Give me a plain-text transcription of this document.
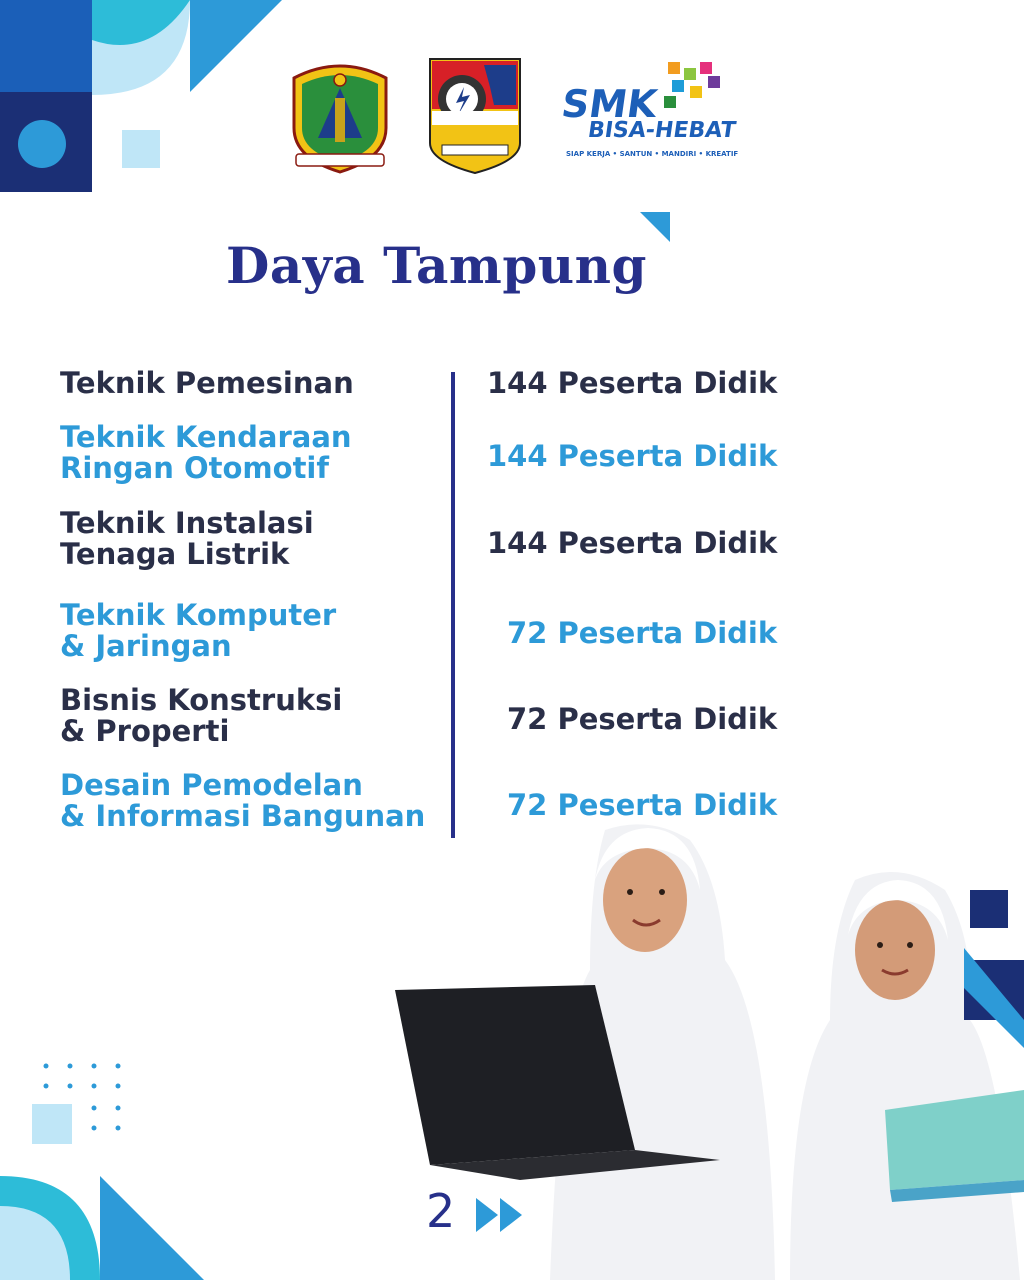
SMK
BISA-HEBAT
SIAP KERJA • SANTUN • MANDIRI • KREATIF
Daya Tampung
Teknik Pemesinan	144 Peserta Didik
Teknik Kendaraan
Ringan Otomotif	144 Peserta Didik
Teknik Instalasi
Tenaga Listrik	144 Peserta Didik
Teknik Komputer
& Jaringan	72 Peserta Didik
Bisnis Konstruksi
& Properti	72 Peserta Didik
Desain Pemodelan
& Informasi Bangunan	72 Peserta Didik
2
